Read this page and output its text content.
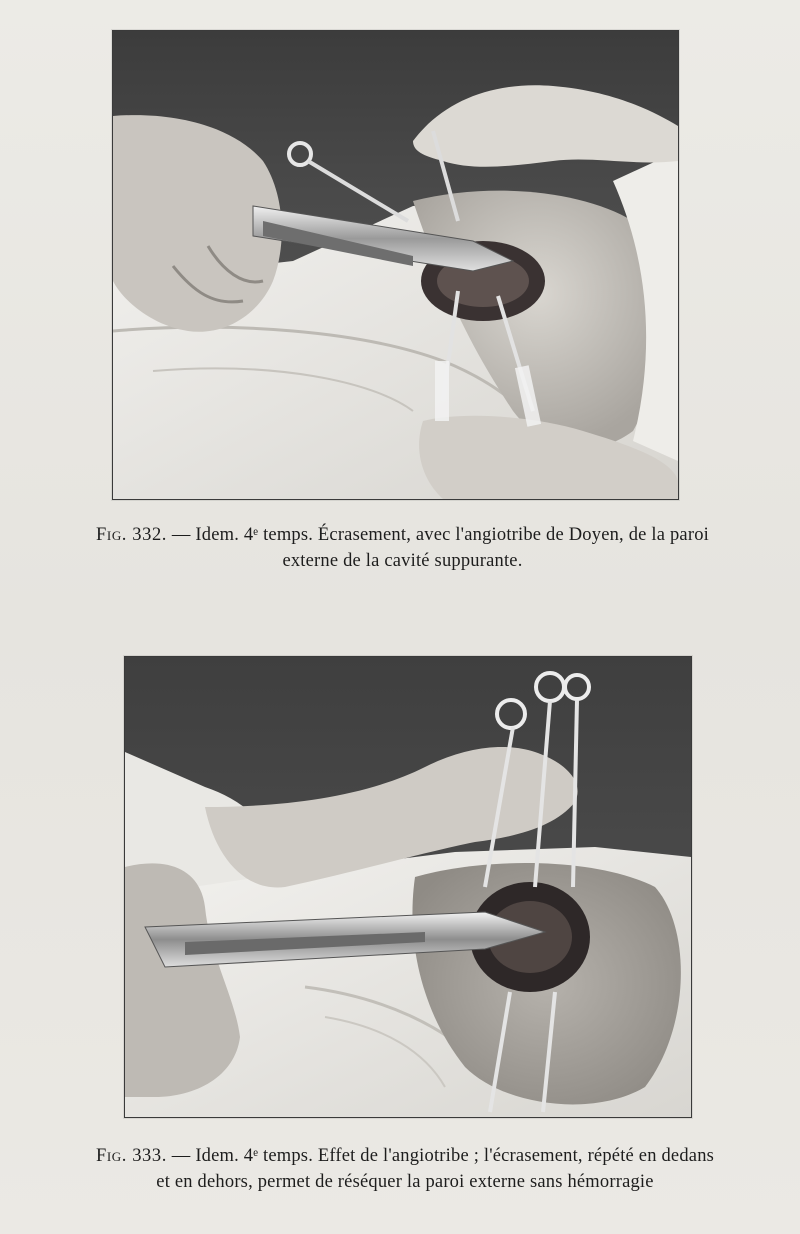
Fig. 332. — Idem. 4ᵉ temps. Écrasement, avec l'angiotribe de Doyen, de la paroi
externe de la cavité suppurante.
Fig. 333. — Idem. 4ᵉ temps. Effet de l'angiotribe ; l'écrasement, répété en dedans
et en dehors, permet de réséquer la paroi externe sans hémorragie
